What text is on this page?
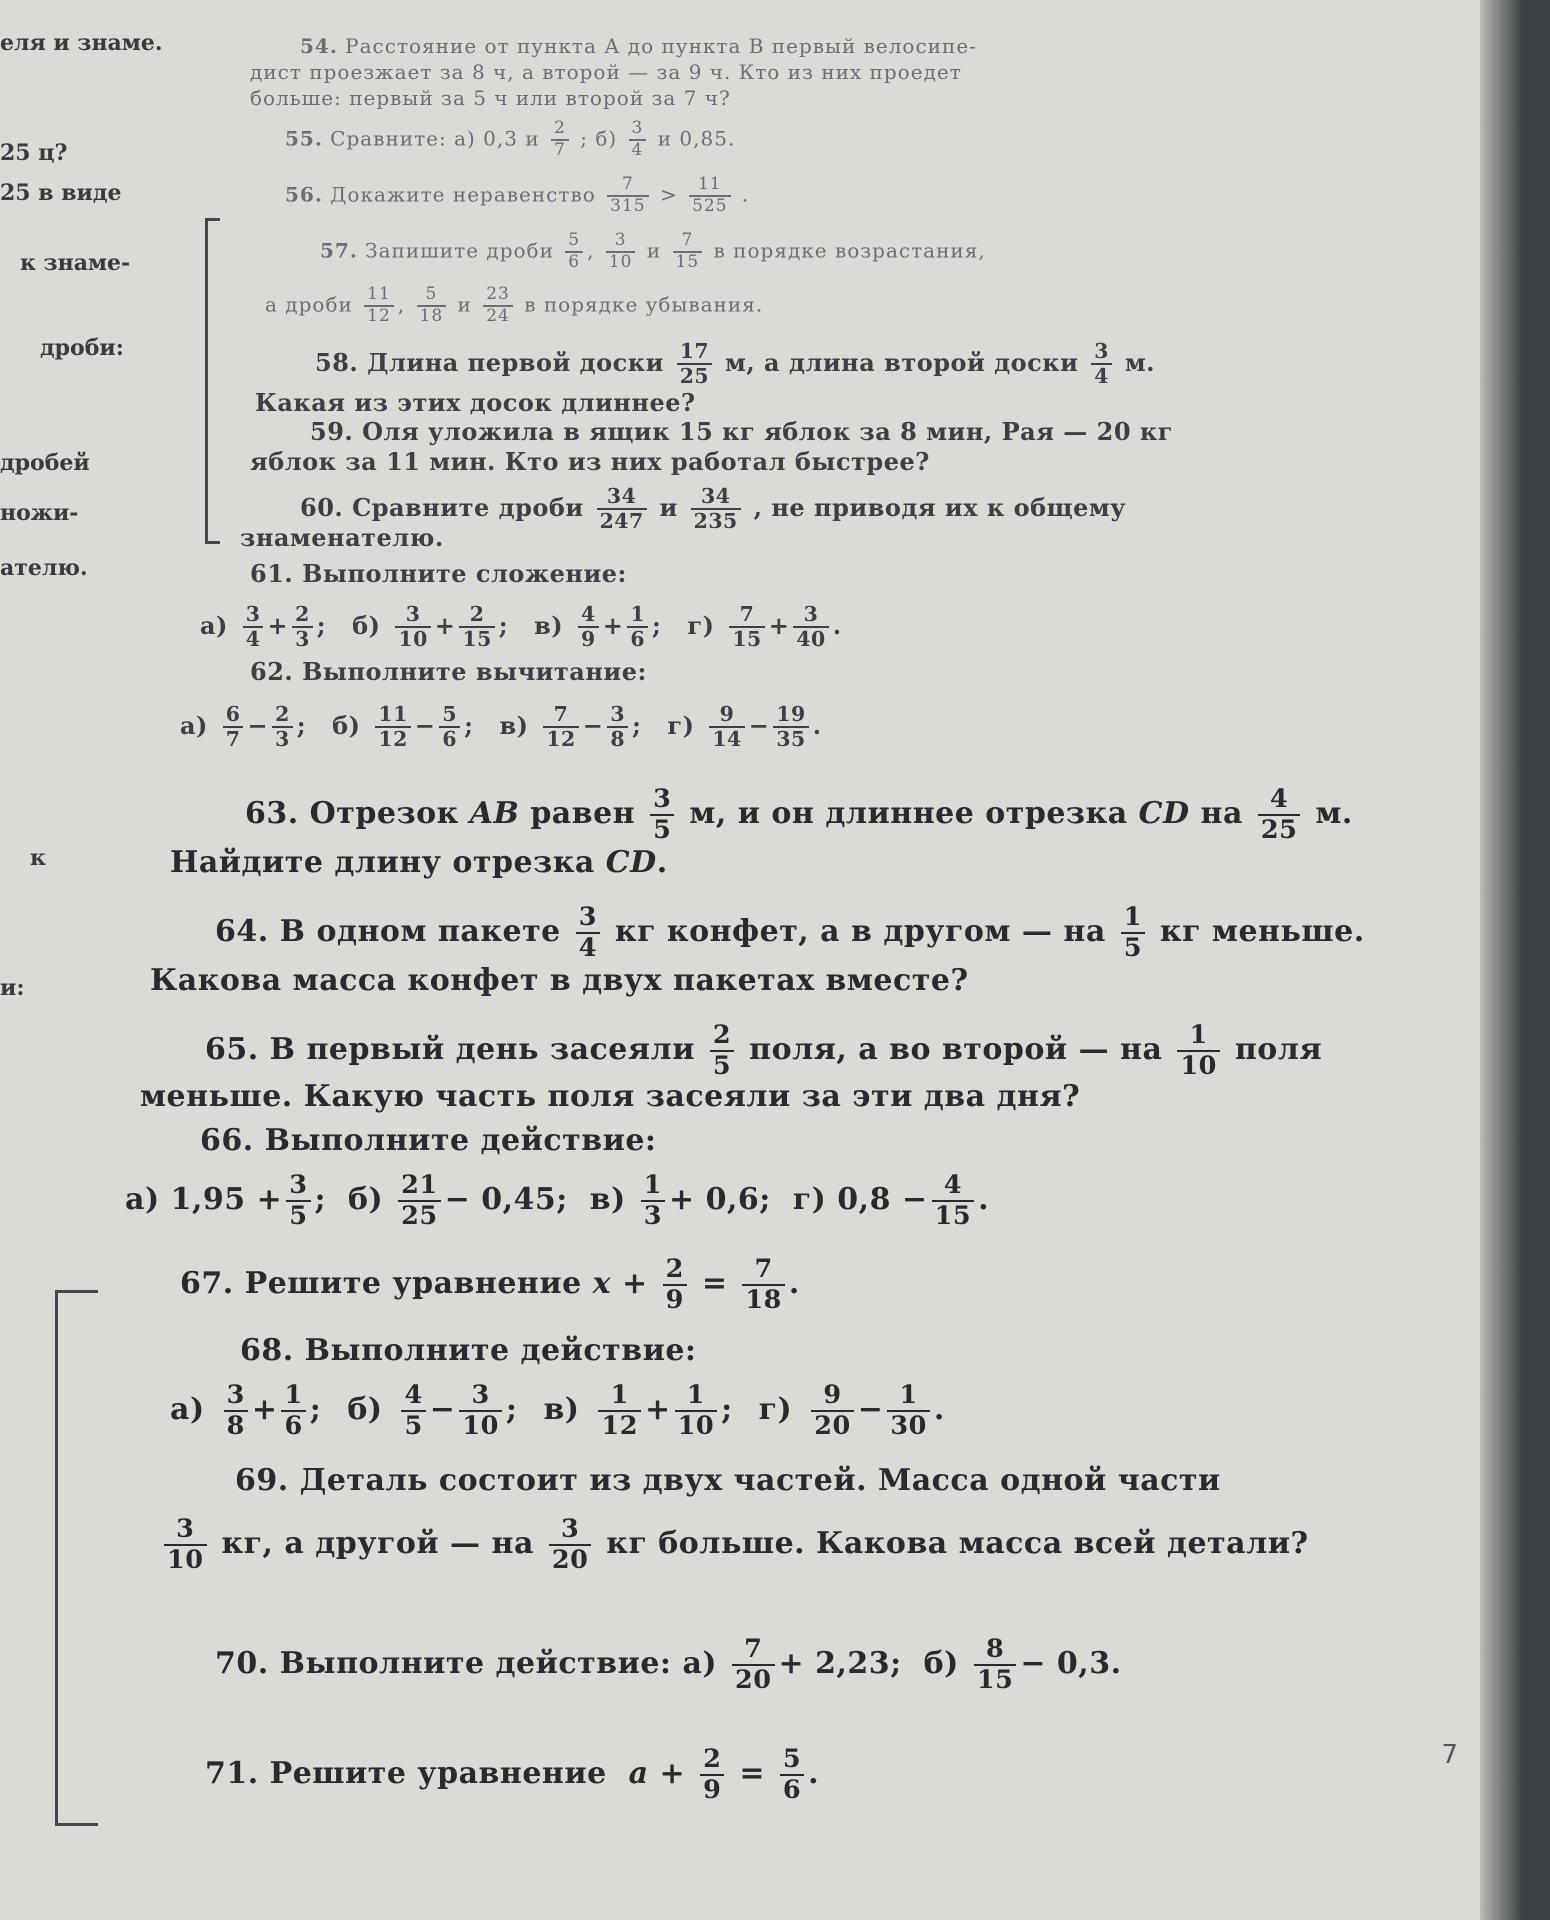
еля и знаме.
25 ц?
25 в виде
к знаме-
дроби:
дробей
ножи-
ателю.
к
и:
54. Расстояние от пункта А до пункта В первый велосипе-
дист проезжает за 8 ч, а второй — за 9 ч. Кто из них проедет
больше: первый за 5 ч или второй за 7 ч?
55. Сравните: а) 0,3 и $\frac{2}{7}$ ; $б) \frac{3}{4}$ и 0,85.
56. Докажите неравенство $\frac{7}{315} > \frac{11}{525}$ .
57. Запишите дроби $\frac{5}{6}$ , $\frac{3}{10}$ и $\frac{7}{15}$ в порядке возрастания,
а дроби $\frac{11}{12}$ , $\frac{5}{18}$ и $\frac{23}{24}$ в порядке убывания.
58. Длина первой доски $\frac{17}{25} м$, а длина второй доски $\frac{3}{4} м$.
Какая из этих досок длиннее?
59. Оля уложила в ящик 15 кг яблок за 8 мин, Рая — 20 кг
яблок за 11 мин. Кто из них работал быстрее?
60. Сравните дроби $\frac{34}{247}$ и $\frac{34}{235}$ , не приводя их к общему
знаменателю.
61. Выполните сложение:
$а) \frac{3}{4} + \frac{2}{3}$ ; $б) \frac{3}{10} + \frac{2}{15}$ ; $в) \frac{4}{9} + \frac{1}{6}$ ; $г) \frac{7}{15} + \frac{3}{40}$ .
62. Выполните вычитание:
$а) \frac{6}{7} - \frac{2}{3}$ ; $б) \frac{11}{12} - \frac{5}{6}$ ; $в) \frac{7}{12} - \frac{3}{8}$ ; $г) \frac{9}{14} - \frac{19}{35}$ .
63. Отрезок AB равен $\frac{3}{5} м$, и он длиннее отрезка CD на $\frac{4}{25} м$.
Найдите длину отрезка CD.
64. В одном пакете $\frac{3}{4}$ кг конфет, а в другом — на $\frac{1}{5}$ кг меньше.
Какова масса конфет в двух пакетах вместе?
65. В первый день засеяли $\frac{2}{5}$ поля, а во второй — на $\frac{1}{10}$ поля
меньше. Какую часть поля засеяли за эти два дня?
66. Выполните действие:
а) $1,95 + \frac{3}{5}$ ; $б) \frac{21}{25} - 0,45$; $в) \frac{1}{3} + 0,6$; г) $0,8 - \frac{4}{15}$ .
67. Решите уравнение $x + \frac{2}{9} = \frac{7}{18}$ .
68. Выполните действие:
$а) \frac{3}{8} + \frac{1}{6}$ ; $б) \frac{4}{5} - \frac{3}{10}$ ; $в) \frac{1}{12} + \frac{1}{10}$ ; $г) \frac{9}{20} - \frac{1}{30}$ .
69. Деталь состоит из двух частей. Масса одной части
$\frac{3}{10}$ кг, а другой — на $\frac{3}{20}$ кг больше. Какова масса всей детали?
70. Выполните действие: $а) \frac{7}{20} + 2,23$; $б) \frac{8}{15} - 0,3$.
71. Решите уравнение $a + \frac{2}{9} = \frac{5}{6}$ .
7
